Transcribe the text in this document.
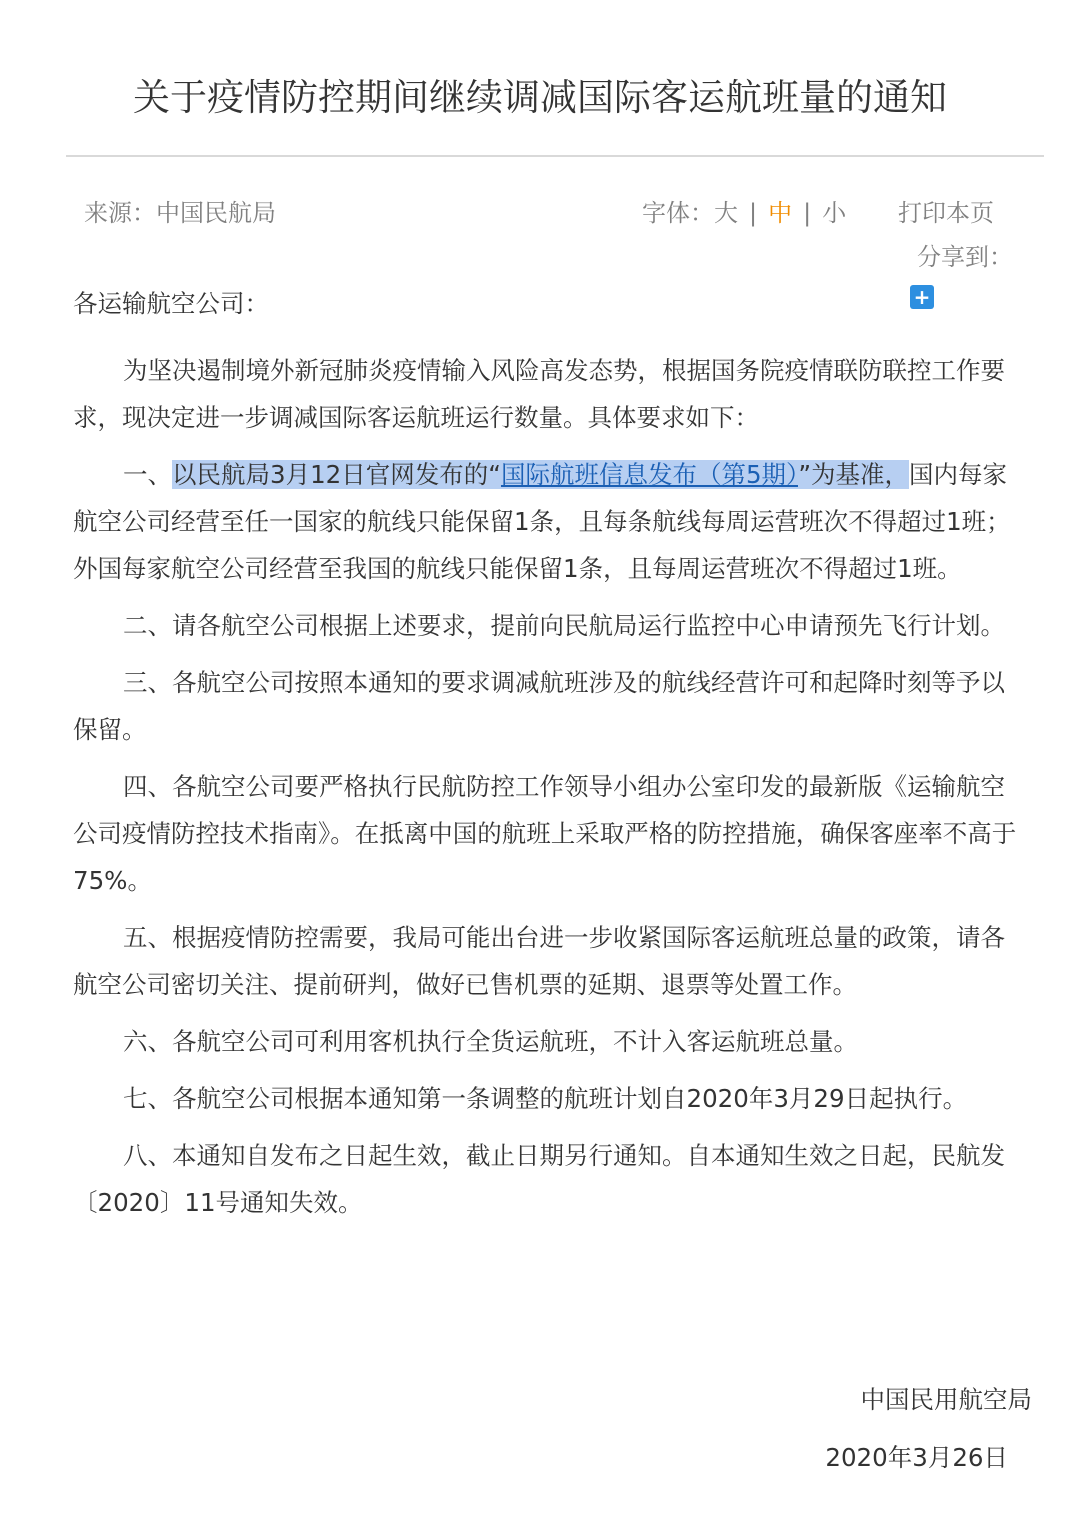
关于疫情防控期间继续调减国际客运航班量的通知
来源：中国民航局	字体：大 | 中 | 小 打印本页
分享到：
+

各运输航空公司：

为坚决遏制境外新冠肺炎疫情输入风险高发态势，根据国务院疫情联防联控工作要求，现决定进一步调减国际客运航班运行数量。具体要求如下：

一、以民航局3月12日官网发布的“国际航班信息发布（第5期）”为基准，国内每家航空公司经营至任一国家的航线只能保留1条，且每条航线每周运营班次不得超过1班；外国每家航空公司经营至我国的航线只能保留1条，且每周运营班次不得超过1班。

二、请各航空公司根据上述要求，提前向民航局运行监控中心申请预先飞行计划。

三、各航空公司按照本通知的要求调减航班涉及的航线经营许可和起降时刻等予以保留。

四、各航空公司要严格执行民航防控工作领导小组办公室印发的最新版《运输航空公司疫情防控技术指南》。在抵离中国的航班上采取严格的防控措施，确保客座率不高于75%。

五、根据疫情防控需要，我局可能出台进一步收紧国际客运航班总量的政策，请各航空公司密切关注、提前研判，做好已售机票的延期、退票等处置工作。

六、各航空公司可利用客机执行全货运航班，不计入客运航班总量。

七、各航空公司根据本通知第一条调整的航班计划自2020年3月29日起执行。

八、本通知自发布之日起生效，截止日期另行通知。自本通知生效之日起，民航发〔2020〕11号通知失效。

中国民用航空局
2020年3月26日
